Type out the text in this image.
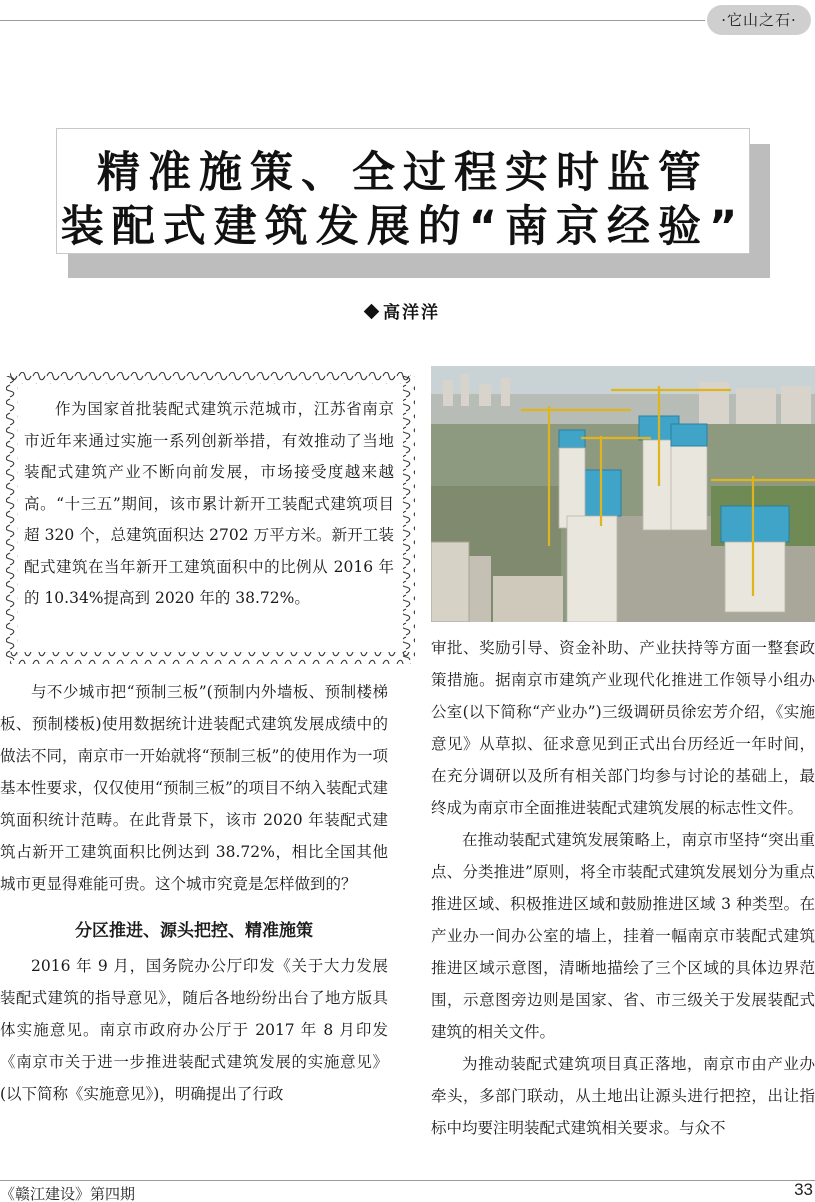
·它山之石·
精准施策、全过程实时监管
装配式建筑发展的“南京经验”
高洋洋

作为国家首批装配式建筑示范城市，江苏省南京市近年来通过实施一系列创新举措，有效推动了当地装配式建筑产业不断向前发展，市场接受度越来越高。“十三五”期间，该市累计新开工装配式建筑项目超 320 个，总建筑面积达 2702 万平方米。新开工装配式建筑在当年新开工建筑面积中的比例从 2016 年的 10.34%提高到 2020 年的 38.72%。

与不少城市把“预制三板”(预制内外墙板、预制楼梯板、预制楼板)使用数据统计进装配式建筑发展成绩中的做法不同，南京市一开始就将“预制三板”的使用作为一项基本性要求，仅仅使用“预制三板”的项目不纳入装配式建筑面积统计范畴。在此背景下，该市 2020 年装配式建筑占新开工建筑面积比例达到 38.72%，相比全国其他城市更显得难能可贵。这个城市究竟是怎样做到的？

分区推进、源头把控、精准施策

2016 年 9 月，国务院办公厅印发《关于大力发展装配式建筑的指导意见》，随后各地纷纷出台了地方版具体实施意见。南京市政府办公厅于 2017 年 8 月印发《南京市关于进一步推进装配式建筑发展的实施意见》(以下简称《实施意见》)，明确提出了行政

审批、奖励引导、资金补助、产业扶持等方面一整套政策措施。据南京市建筑产业现代化推进工作领导小组办公室(以下简称“产业办”)三级调研员徐宏芳介绍，《实施意见》从草拟、征求意见到正式出台历经近一年时间，在充分调研以及所有相关部门均参与讨论的基础上，最终成为南京市全面推进装配式建筑发展的标志性文件。

在推动装配式建筑发展策略上，南京市坚持“突出重点、分类推进”原则，将全市装配式建筑发展划分为重点推进区域、积极推进区域和鼓励推进区域 3 种类型。在产业办一间办公室的墙上，挂着一幅南京市装配式建筑推进区域示意图，清晰地描绘了三个区域的具体边界范围，示意图旁边则是国家、省、市三级关于发展装配式建筑的相关文件。

为推动装配式建筑项目真正落地，南京市由产业办牵头，多部门联动，从土地出让源头进行把控，出让指标中均要注明装配式建筑相关要求。与众不

《赣江建设》第四期	33
